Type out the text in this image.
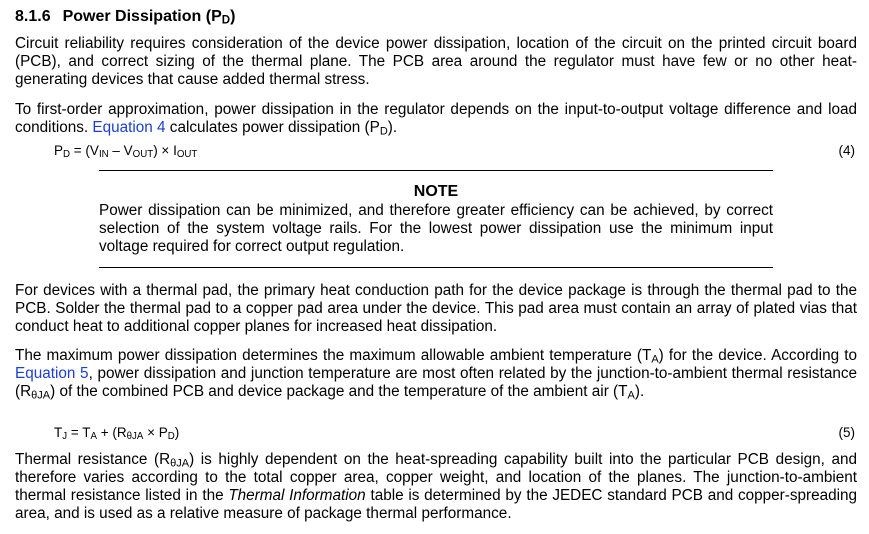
8.1.6 Power Dissipation $(P_D)$

Circuit reliability requires consideration of the device power dissipation, location of the circuit on the printed circuit board (PCB), and correct sizing of the thermal plane. The PCB area around the regulator must have few or no other heat-generating devices that cause added thermal stress.

To first-order approximation, power dissipation in the regulator depends on the input-to-output voltage difference and load conditions. Equation 4 calculates power dissipation $(P_D)$.

$P_D = (V_{IN} - V_{OUT}) \times I_{OUT}$	(4)
NOTE

Power dissipation can be minimized, and therefore greater efficiency can be achieved, by correct selection of the system voltage rails. For the lowest power dissipation use the minimum input voltage required for correct output regulation.

For devices with a thermal pad, the primary heat conduction path for the device package is through the thermal pad to the PCB. Solder the thermal pad to a copper pad area under the device. This pad area must contain an array of plated vias that conduct heat to additional copper planes for increased heat dissipation.

The maximum power dissipation determines the maximum allowable ambient temperature $(T_A)$ for the device. According to Equation 5, power dissipation and junction temperature are most often related by the junction-to-ambient thermal resistance $(R_{\theta JA})$ of the combined PCB and device package and the temperature of the ambient air $(T_A)$.

$T_J = T_A + (R_{\theta JA} \times P_D)$	(5)

Thermal resistance $(R_{\theta JA})$ is highly dependent on the heat-spreading capability built into the particular PCB design, and therefore varies according to the total copper area, copper weight, and location of the planes. The junction-to-ambient thermal resistance listed in the Thermal Information table is determined by the JEDEC standard PCB and copper-spreading area, and is used as a relative measure of package thermal performance.
